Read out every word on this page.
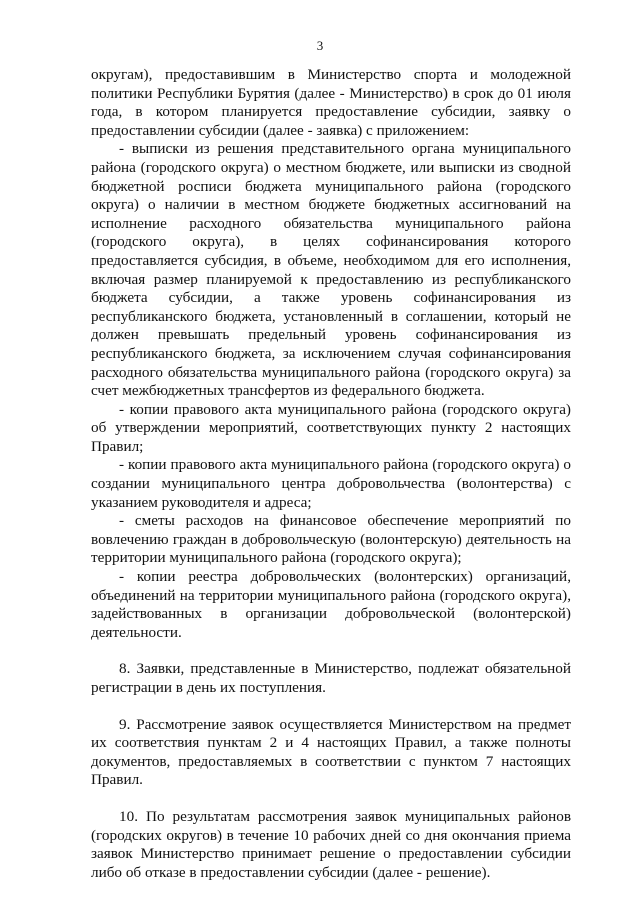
3

округам), предоставившим в Министерство спорта и молодежной политики Республики Бурятия (далее - Министерство) в срок до 01 июля года, в котором планируется предоставление субсидии, заявку о предоставлении субсидии (далее - заявка) с приложением:

- выписки из решения представительного органа муниципального района (городского округа) о местном бюджете, или выписки из сводной бюджетной росписи бюджета муниципального района (городского округа) о наличии в местном бюджете бюджетных ассигнований на исполнение расходного обязательства муниципального района (городского округа), в целях софинансирования которого предоставляется субсидия, в объеме, необходимом для его исполнения, включая размер планируемой к предоставлению из республиканского бюджета субсидии, а также уровень софинансирования из республиканского бюджета, установленный в соглашении, который не должен превышать предельный уровень софинансирования из республиканского бюджета, за исключением случая софинансирования расходного обязательства муниципального района (городского округа) за счет межбюджетных трансфертов из федерального бюджета.

- копии правового акта муниципального района (городского округа) об утверждении мероприятий, соответствующих пункту 2 настоящих Правил;

- копии правового акта муниципального района (городского округа) о создании муниципального центра добровольчества (волонтерства) с указанием руководителя и адреса;

- сметы расходов на финансовое обеспечение мероприятий по вовлечению граждан в добровольческую (волонтерскую) деятельность на территории муниципального района (городского округа);

- копии реестра добровольческих (волонтерских) организаций, объединений на территории муниципального района (городского округа), задействованных в организации добровольческой (волонтерской) деятельности.

8. Заявки, представленные в Министерство, подлежат обязательной регистрации в день их поступления.

9. Рассмотрение заявок осуществляется Министерством на предмет их соответствия пунктам 2 и 4 настоящих Правил, а также полноты документов, предоставляемых в соответствии с пунктом 7 настоящих Правил.

10. По результатам рассмотрения заявок муниципальных районов (городских округов) в течение 10 рабочих дней со дня окончания приема заявок Министерство принимает решение о предоставлении субсидии либо об отказе в предоставлении субсидии (далее - решение).
